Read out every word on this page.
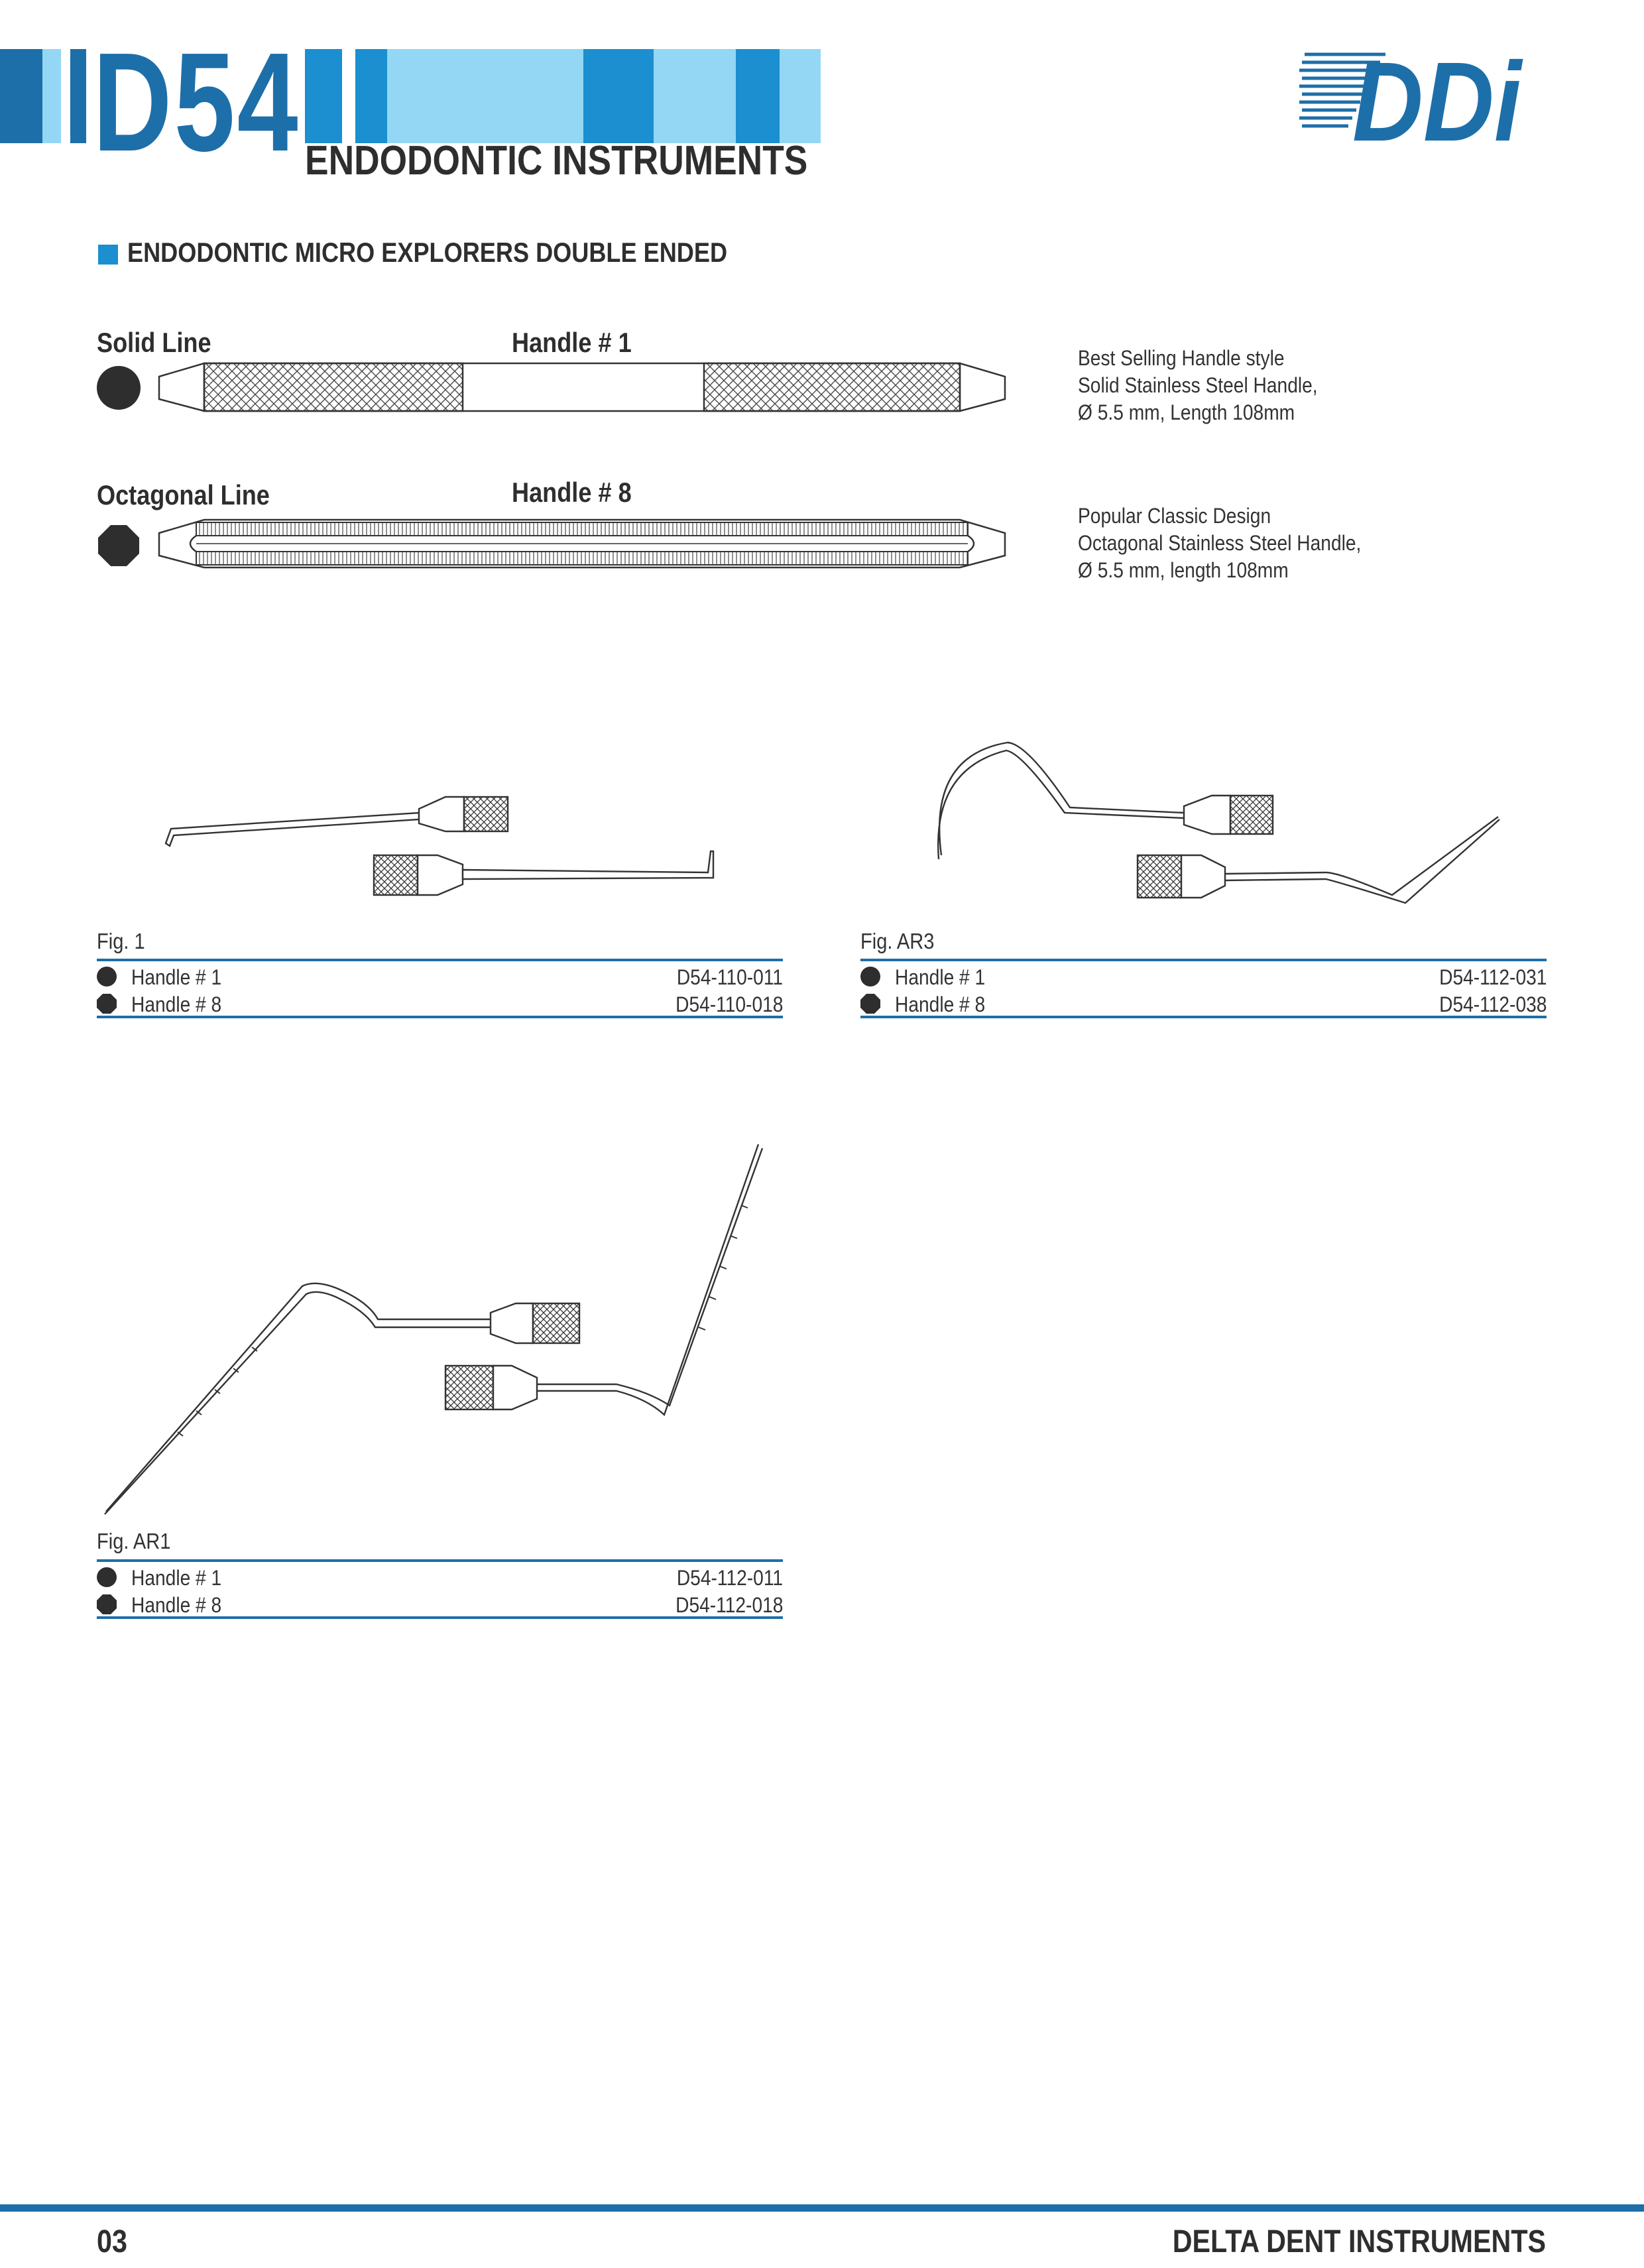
D54 ENDODONTIC INSTRUMENTS	DDi
ENDODONTIC MICRO EXPLORERS DOUBLE ENDED
Solid Line	Handle # 1	Best Selling Handle style
Solid Stainless Steel Handle,
Ø 5.5 mm, Length 108mm
Octagonal Line	Handle # 8
Popular Classic Design
Octagonal Stainless Steel Handle,
Ø 5.5 mm, length 108mm
Fig. 1
Handle # 1	D54-110-011
Handle # 8	D54-110-018
Fig. AR3
Handle # 1	D54-112-031
Handle # 8	D54-112-038
Fig. AR1
Handle # 1	D54-112-011
Handle # 8	D54-112-018
03	DELTA DENT INSTRUMENTS
